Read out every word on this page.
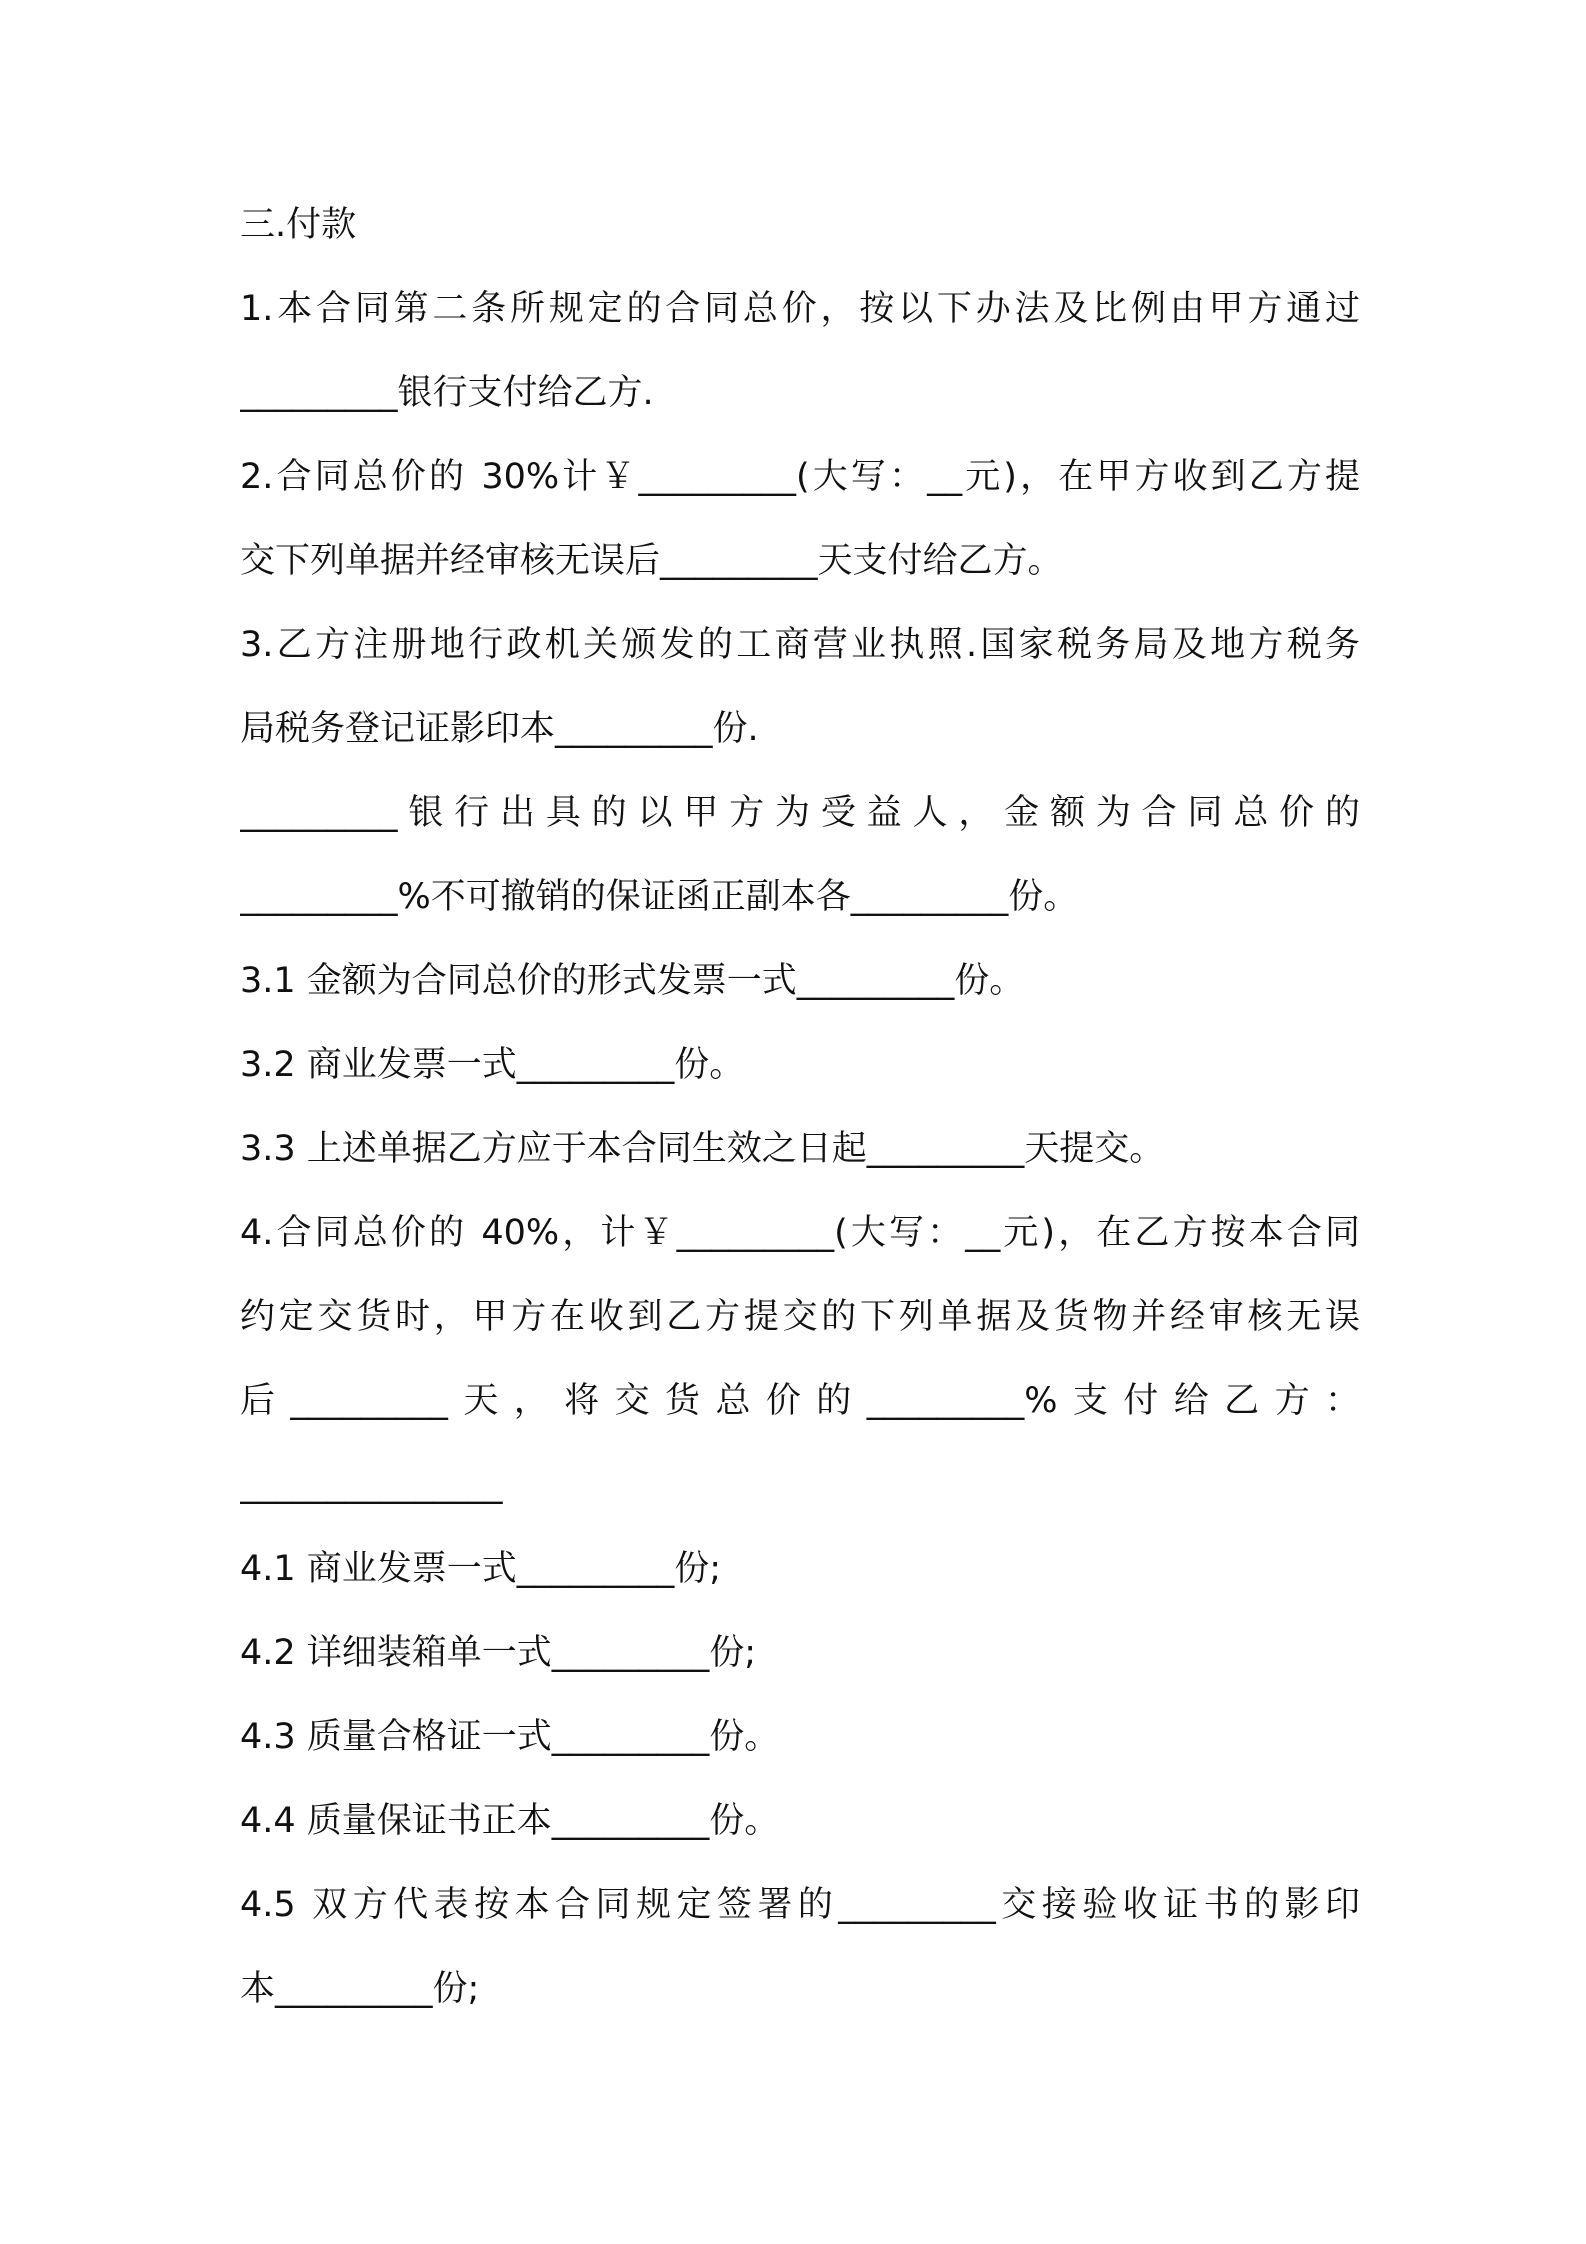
三.付款
1.本合同第二条所规定的合同总价，按以下办法及比例由甲方通过
_________银行支付给乙方.
2.合同总价的 30%计￥_________(大写：__元)，在甲方收到乙方提
交下列单据并经审核无误后_________天支付给乙方。
3.乙方注册地行政机关颁发的工商营业执照.国家税务局及地方税务
局税务登记证影印本_________份.
_________银行出具的以甲方为受益人，金额为合同总价的
_________%不可撤销的保证函正副本各_________份。
3.1 金额为合同总价的形式发票一式_________份。
3.2 商业发票一式_________份。
3.3 上述单据乙方应于本合同生效之日起_________天提交。
4.合同总价的 40%，计￥_________(大写：__元)，在乙方按本合同
约定交货时，甲方在收到乙方提交的下列单据及货物并经审核无误
后_________天，将交货总价的_________%支付给乙方：
_______________
4.1 商业发票一式_________份;
4.2 详细装箱单一式_________份;
4.3 质量合格证一式_________份。
4.4 质量保证书正本_________份。
4.5 双方代表按本合同规定签署的_________交接验收证书的影印
本_________份;
